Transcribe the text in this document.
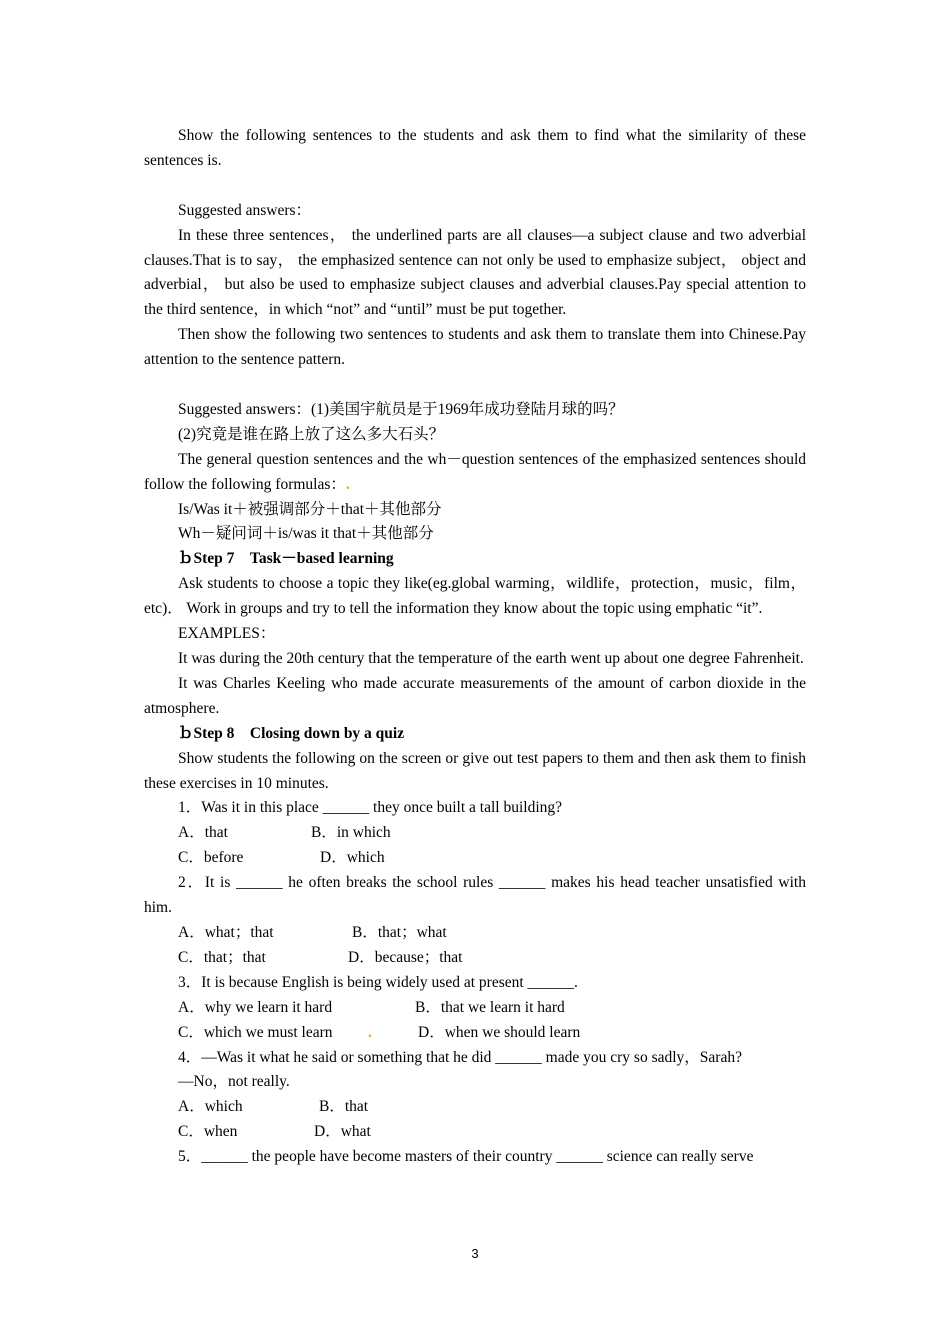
Show the following sentences to the students and ask them to find what the similarity of these sentences is.

Suggested answers：

In these three sentences， the underlined parts are all clauses—a subject clause and two adverbial clauses.That is to say， the emphasized sentence can not only be used to emphasize subject， object and adverbial， but also be used to emphasize subject clauses and adverbial clauses.Pay special attention to the third sentence，in which “not” and “until” must be put together.

Then show the following two sentences to students and ask them to translate them into Chinese.Pay attention to the sentence pattern.

Suggested answers：(1)美国宇航员是于1969年成功登陆月球的吗？

(2)究竟是谁在路上放了这么多大石头？

The general question sentences and the wh－question sentences of the emphasized sentences should follow the following formulas：.

Is/Was it＋被强调部分＋that＋其他部分

Wh－疑问词＋is/was it that＋其他部分

ｂStep 7　Task－based learning

Ask students to choose a topic they like(eg.global warming，wildlife，protection，music，film， etc)． Work in groups and try to tell the information they know about the topic using emphatic “it”.

EXAMPLES：

It was during the 20th century that the temperature of the earth went up about one degree Fahrenheit.

It was Charles Keeling who made accurate measurements of the amount of carbon dioxide in the atmosphere.

ｂStep 8　Closing down by a quiz

Show students the following on the screen or give out test papers to them and then ask them to finish these exercises in 10 minutes.

1．Was it in this place ______ they once built a tall building?

A．that	B．in which

C．before	D．which

2．It is ______ he often breaks the school rules ______ makes his head teacher unsatisfied with him.

A．what；that	B．that；what

C．that；that	D．because；that

3．It is because English is being widely used at present ______.

A．why we learn it hard	B．that we learn it hard

C．which we must learn .	D．when we should learn

4．—Was it what he said or something that he did ______ made you cry so sadly，Sarah?

—No，not really.

A．which	B．that

C．when	D．what

5．______ the people have become masters of their country ______ science can really serve

3
